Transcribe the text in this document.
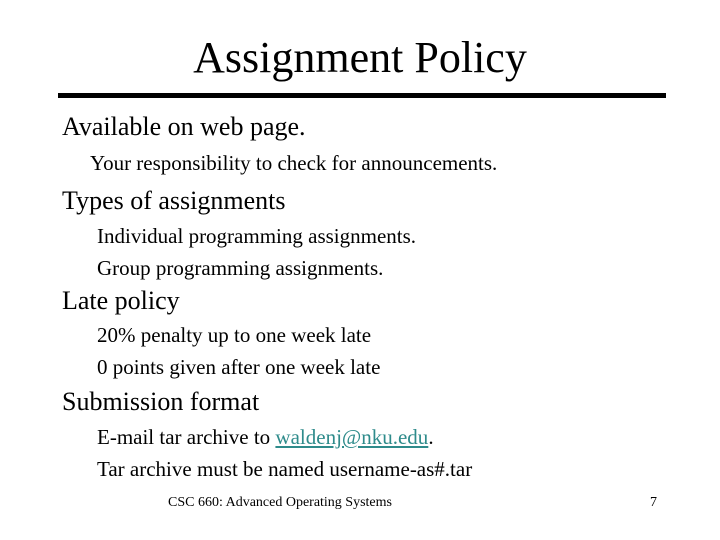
Assignment Policy
Available on web page.
Your responsibility to check for announcements.
Types of assignments
Individual programming assignments.
Group programming assignments.
Late policy
20% penalty up to one week late
0 points given after one week late
Submission format
E-mail tar archive to waldenj@nku.edu.
Tar archive must be named username-as#.tar
CSC 660: Advanced Operating Systems	7
